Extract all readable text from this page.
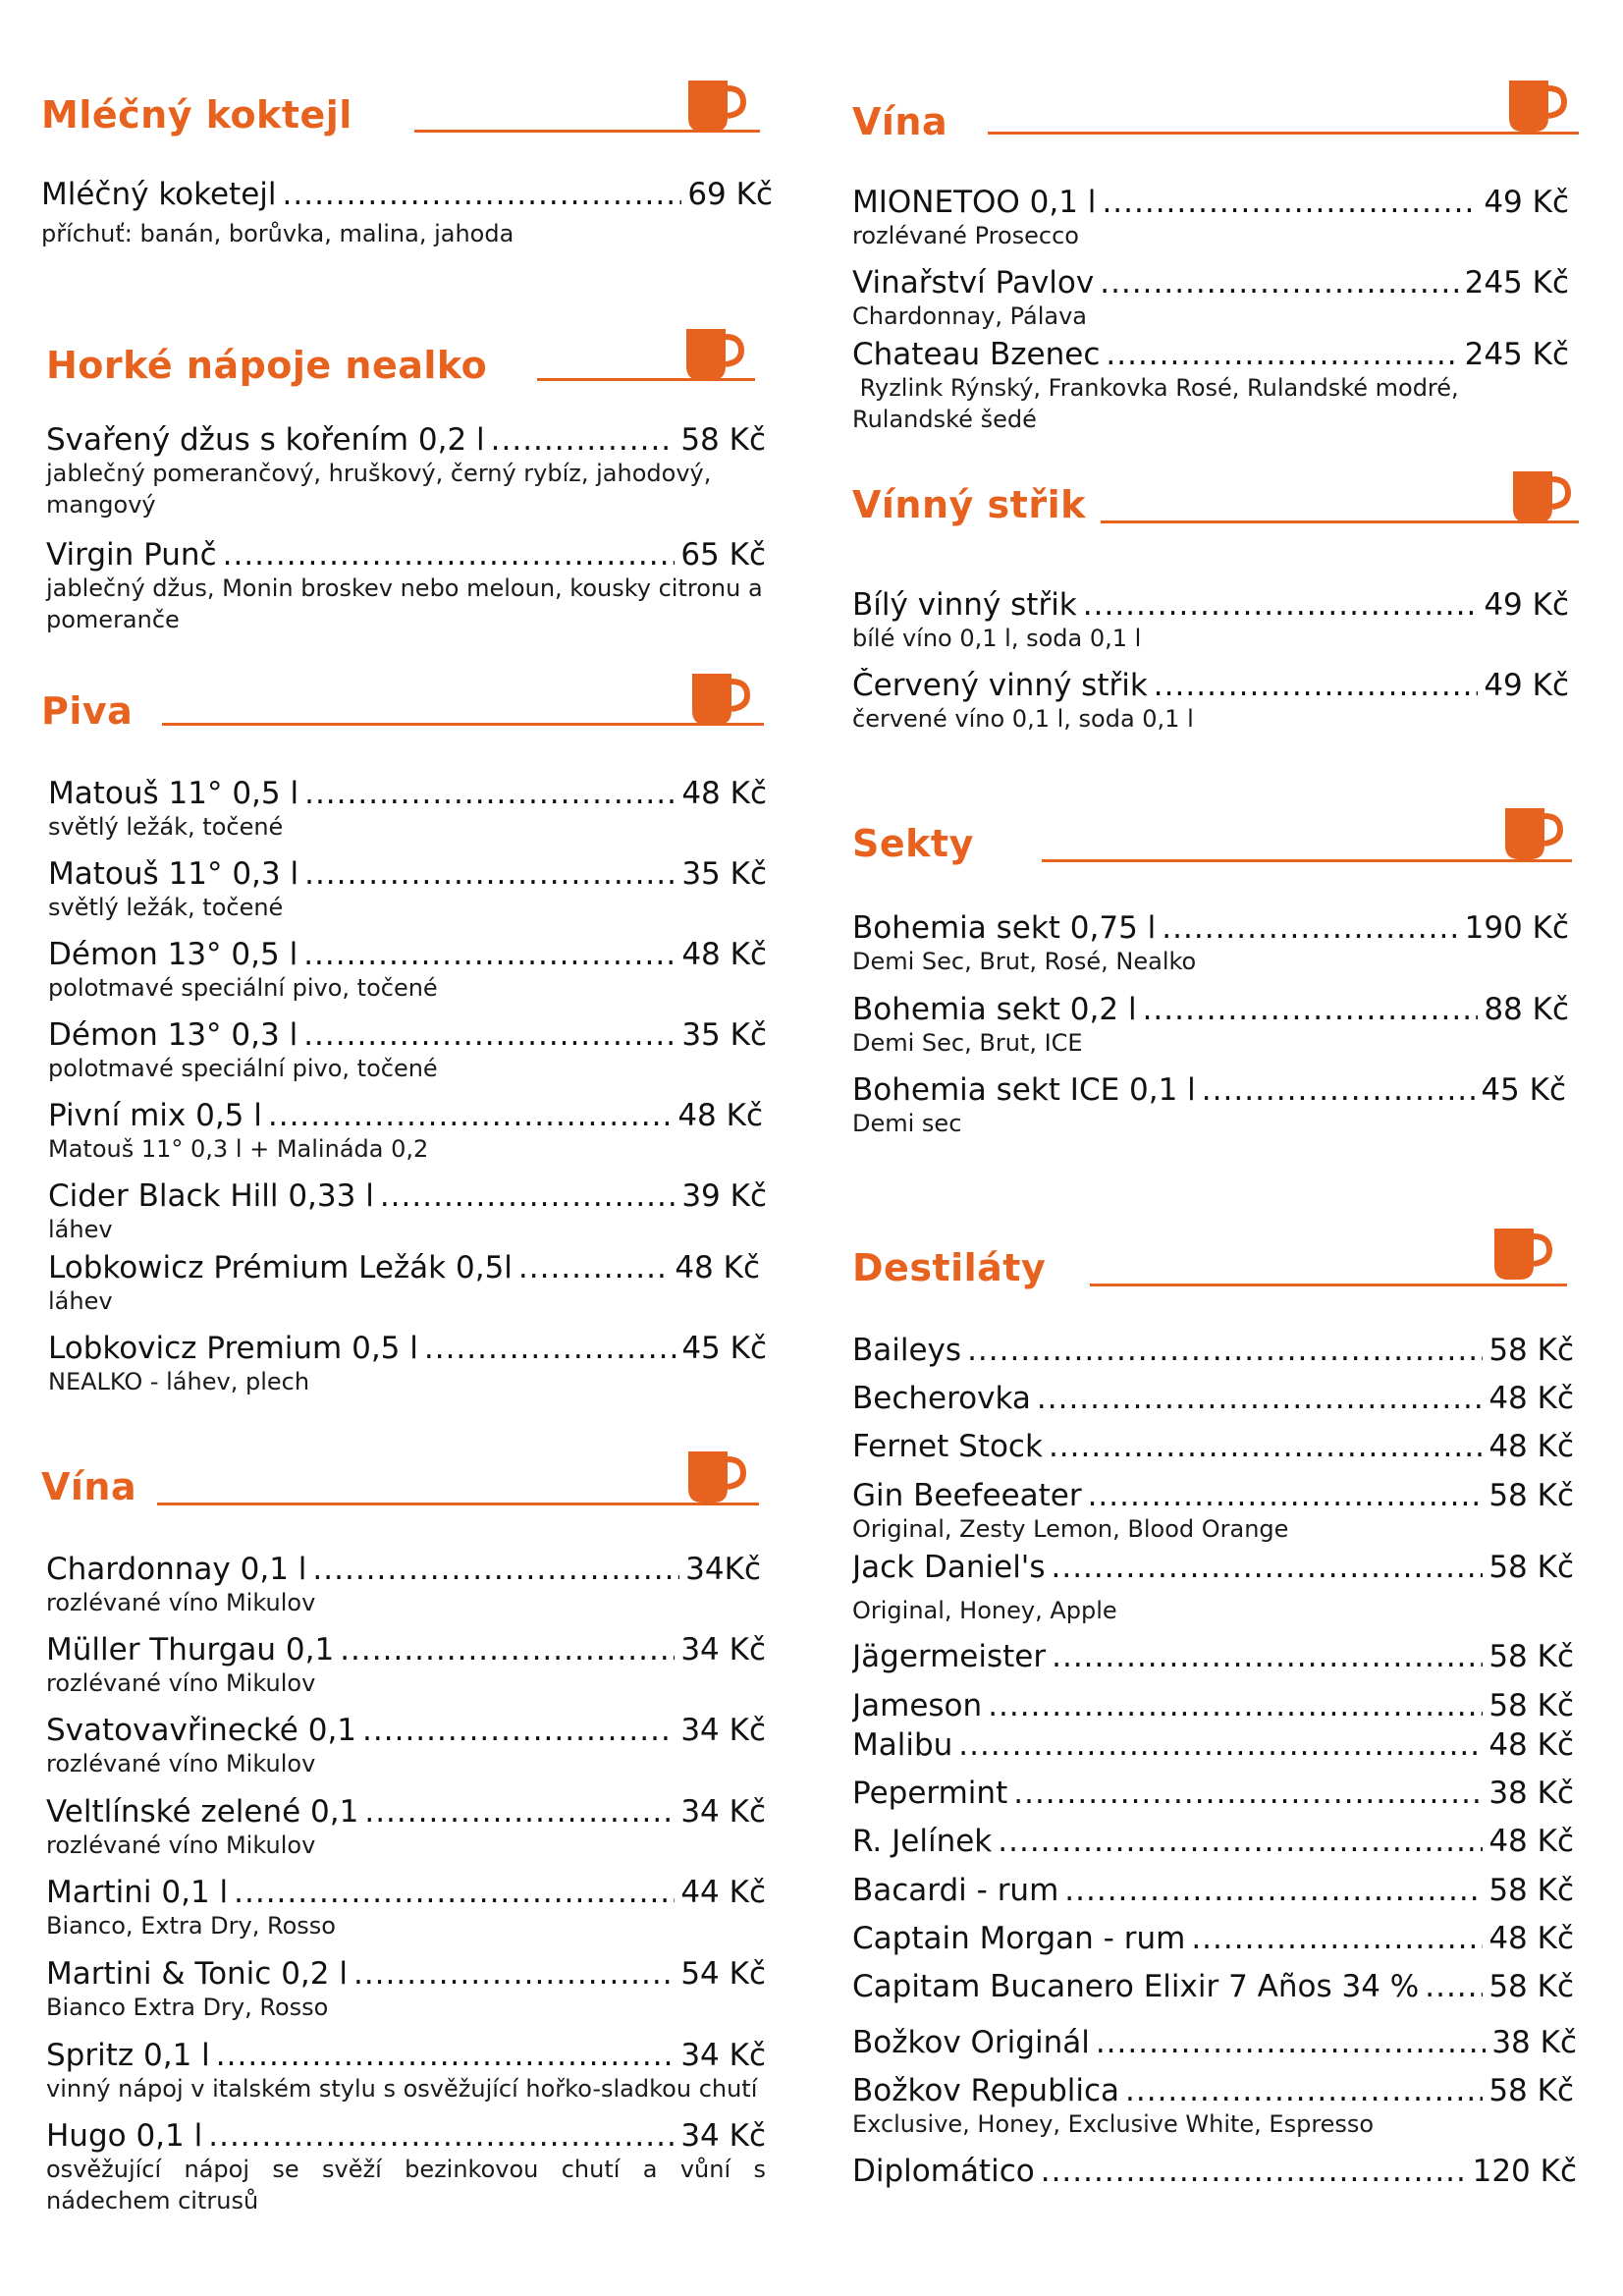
Mléčný koktejl
Mléčný koketejl .....	69 Kč
příchuť: banán, borůvka, malina, jahoda
Horké nápoje nealko
Svařený džus s kořením 0,2 l .....	58 Kč
jablečný pomerančový, hruškový, černý rybíz, jahodový, mangový
Virgin Punč .....	65 Kč
jablečný džus, Monin broskev nebo meloun, kousky citronu a pomeranče
Piva
Matouš 11° 0,5 l .....	48 Kč
světlý ležák, točené
Matouš 11° 0,3 l .....	35 Kč
světlý ležák, točené
Démon 13° 0,5 l .....	48 Kč
polotmavé speciální pivo, točené
Démon 13° 0,3 l .....	35 Kč
polotmavé speciální pivo, točené
Pivní mix 0,5 l .....	48 Kč
Matouš 11° 0,3 l + Malináda 0,2
Cider Black Hill 0,33 l .....	39 Kč
láhev
Lobkowicz Prémium Ležák 0,5l .....	48 Kč
láhev
Lobkovicz Premium 0,5 l .....	45 Kč
NEALKO - láhev, plech
Vína
Chardonnay 0,1 l .....	34Kč
rozlévané víno Mikulov
Müller Thurgau 0,1 .....	34 Kč
rozlévané víno Mikulov
Svatovavřinecké 0,1 .....	34 Kč
rozlévané víno Mikulov
Veltlínské zelené 0,1 .....	34 Kč
rozlévané víno Mikulov
Martini 0,1 l .....	44 Kč
Bianco, Extra Dry, Rosso
Martini & Tonic 0,2 l .....	54 Kč
Bianco Extra Dry, Rosso
Spritz 0,1 l .....	34 Kč
vinný nápoj v italském stylu s osvěžující hořko-sladkou chutí
Hugo 0,1 l .....	34 Kč
osvěžující nápoj se svěží bezinkovou chutí a vůní s nádechem citrusů
Vína
MIONETOO 0,1 l .....	49 Kč
rozlévané Prosecco
Vinařství Pavlov .....	245 Kč
Chardonnay, Pálava
Chateau Bzenec .....	245 Kč
Ryzlink Rýnský, Frankovka Rosé, Rulandské modré, Rulandské šedé
Vínný střik
Bílý vinný střik .....	49 Kč
bílé víno 0,1 l, soda 0,1 l
Červený vinný střik .....	49 Kč
červené víno 0,1 l, soda 0,1 l
Sekty
Bohemia sekt 0,75 l .....	190 Kč
Demi Sec, Brut, Rosé, Nealko
Bohemia sekt 0,2 l .....	88 Kč
Demi Sec, Brut, ICE
Bohemia sekt ICE 0,1 l .....	45 Kč
Demi sec
Destiláty
Baileys .....	58 Kč
Becherovka .....	48 Kč
Fernet Stock .....	48 Kč
Gin Beefeeater .....	58 Kč
Original, Zesty Lemon, Blood Orange
Jack Daniel's .....	58 Kč
Original, Honey, Apple
Jägermeister .....	58 Kč
Jameson .....	58 Kč
Malibu .....	48 Kč
Pepermint .....	38 Kč
R. Jelínek .....	48 Kč
Bacardi - rum .....	58 Kč
Captain Morgan - rum .....	48 Kč
Capitam Bucanero Elixir 7 Años 34 % ..... 58 Kč
Božkov Originál .....	38 Kč
Božkov Republica .....	58 Kč
Exclusive, Honey, Exclusive White, Espresso
Diplomático .....	120 Kč
